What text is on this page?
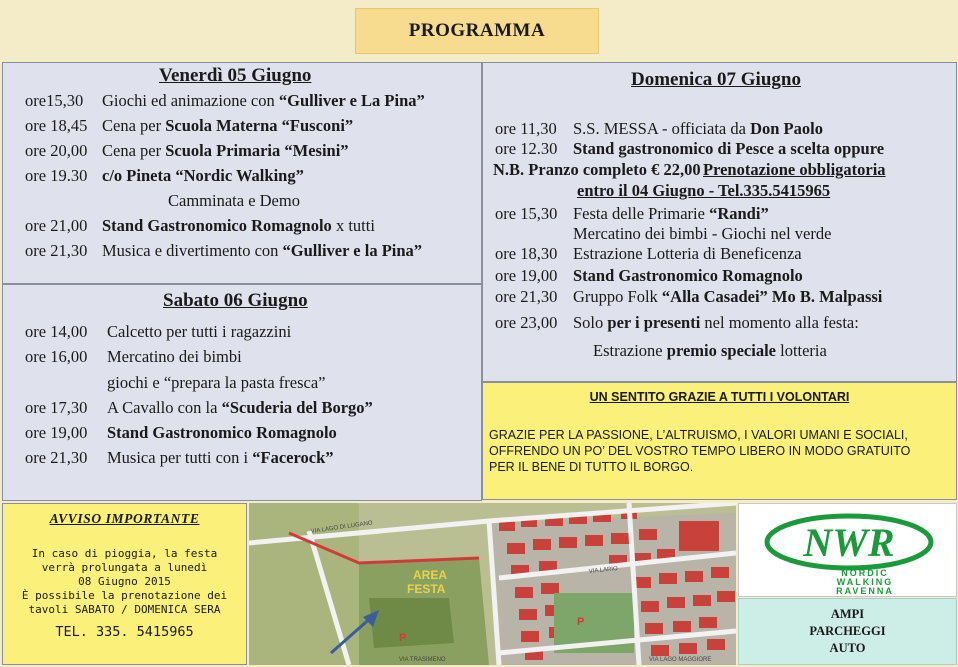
PROGRAMMA
Venerdì 05 Giugno
ore15,30 Giochi ed animazione con “Gulliver e La Pina”
ore 18,45 Cena per Scuola Materna “Fusconi”
ore 20,00 Cena per Scuola Primaria “Mesini”
ore 19.30 c/o Pineta “Nordic Walking”
Camminata e Demo
ore 21,00 Stand Gastronomico Romagnolo x tutti
ore 21,30 Musica e divertimento con “Gulliver e la Pina”
Sabato 06 Giugno
ore 14,00 Calcetto per tutti i ragazzini
ore 16,00 Mercatino dei bimbi
giochi e “prepara la pasta fresca”
ore 17,30 A Cavallo con la “Scuderia del Borgo”
ore 19,00 Stand Gastronomico Romagnolo
ore 21,30 Musica per tutti con i “Facerock”
Domenica 07 Giugno
ore 11,30 S.S. MESSA - officiata da Don Paolo
ore 12.30 Stand gastronomico di Pesce a scelta oppure
N.B. Pranzo completo € 22,00 Prenotazione obbligatoria
entro il 04 Giugno - Tel.335.5415965
ore 15,30 Festa delle Primarie “Randi”
Mercatino dei bimbi - Giochi nel verde
ore 18,30 Estrazione Lotteria di Beneficenza
ore 19,00 Stand Gastronomico Romagnolo
ore 21,30 Gruppo Folk “Alla Casadei” Mo B. Malpassi
ore 23,00 Solo per i presenti nel momento alla festa:
Estrazione premio speciale lotteria
UN SENTITO GRAZIE A TUTTI I VOLONTARI
GRAZIE PER LA PASSIONE, L’ALTRUISMO, I VALORI UMANI E SOCIALI,
OFFRENDO UN PO’ DEL VOSTRO TEMPO LIBERO IN MODO GRATUITO
PER IL BENE DI TUTTO IL BORGO.
AVVISO IMPORTANTE
In caso di pioggia, la festa
verrà prolungata a lunedì
08 Giugno 2015
È possibile la prenotazione dei
tavoli SABATO / DOMENICA SERA
TEL. 335. 5415965
AREA
FESTA
P
P
VIA LAGO DI LUGANO
VIA LARIO
VIA TRASIMENO	VIA LAGO MAGGIORE
NWR
NORDIC
WALKING
RAVENNA
AMPI
PARCHEGGI
AUTO
